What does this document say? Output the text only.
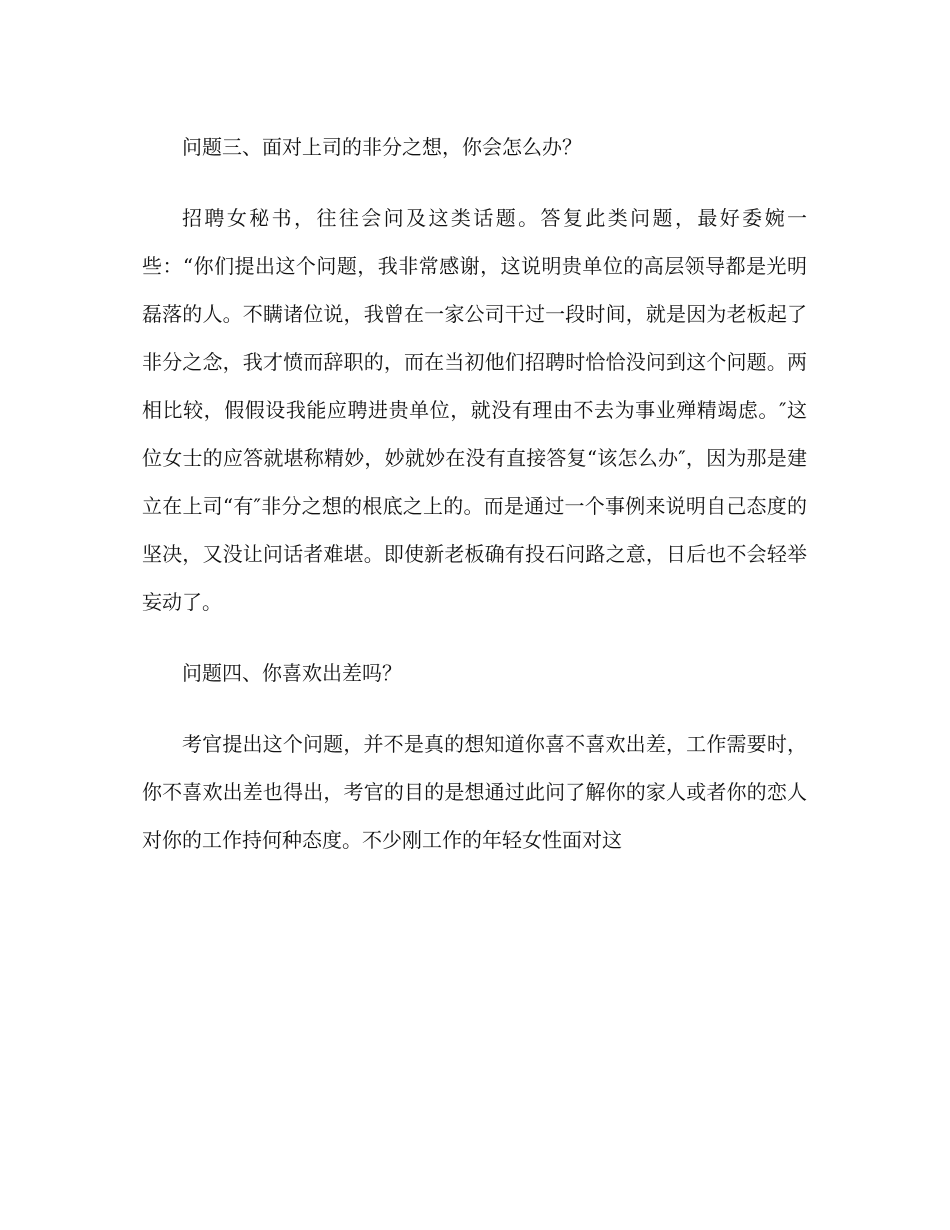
问题三、面对上司的非分之想，你会怎么办？

招聘女秘书，往往会问及这类话题。答复此类问题，最好委婉一些：“你们提出这个问题，我非常感谢，这说明贵单位的高层领导都是光明磊落的人。不瞒诸位说，我曾在一家公司干过一段时间，就是因为老板起了非分之念，我才愤而辞职的，而在当初他们招聘时恰恰没问到这个问题。两相比较，假假设我能应聘进贵单位，就没有理由不去为事业殚精竭虑。″这位女士的应答就堪称精妙，妙就妙在没有直接答复“该怎么办″，因为那是建立在上司“有″非分之想的根底之上的。而是通过一个事例来说明自己态度的坚决，又没让问话者难堪。即使新老板确有投石问路之意，日后也不会轻举妄动了。

问题四、你喜欢出差吗？

考官提出这个问题，并不是真的想知道你喜不喜欢出差，工作需要时，你不喜欢出差也得出，考官的目的是想通过此问了解你的家人或者你的恋人对你的工作持何种态度。不少刚工作的年轻女性面对这
